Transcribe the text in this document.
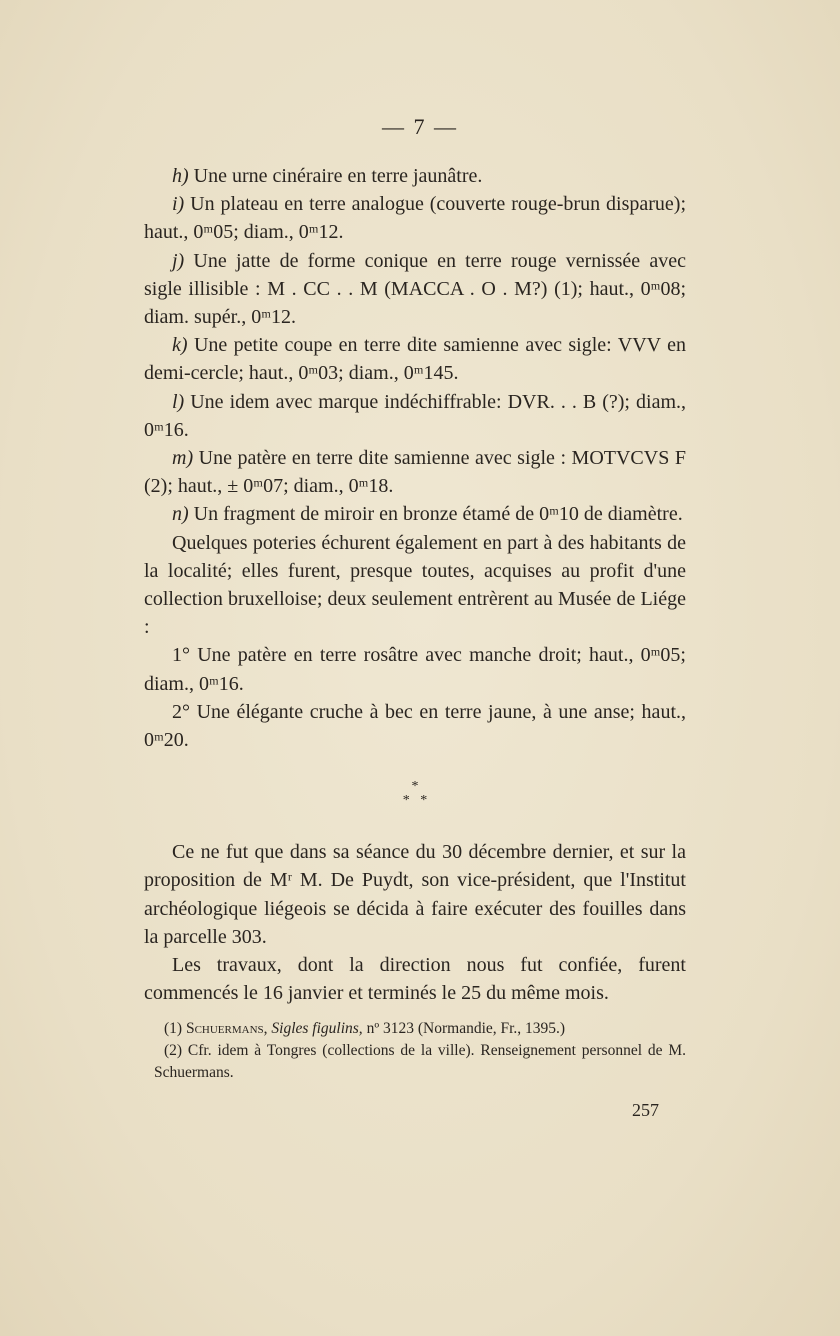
— 7 —

h) Une urne cinéraire en terre jaunâtre.

i) Un plateau en terre analogue (couverte rouge-brun disparue); haut., 0ᵐ05; diam., 0ᵐ12.

j) Une jatte de forme conique en terre rouge vernissée avec sigle illisible : M . CC . . M (MACCA . O . M?) (1); haut., 0ᵐ08; diam. supér., 0ᵐ12.

k) Une petite coupe en terre dite samienne avec sigle: VVV en demi-cercle; haut., 0ᵐ03; diam., 0ᵐ145.

l) Une idem avec marque indéchiffrable: DVR. . . B (?); diam., 0ᵐ16.

m) Une patère en terre dite samienne avec sigle : MOTVCVS F (2); haut., ± 0ᵐ07; diam., 0ᵐ18.

n) Un fragment de miroir en bronze étamé de 0ᵐ10 de diamètre.

Quelques poteries échurent également en part à des habitants de la localité; elles furent, presque toutes, acquises au profit d'une collection bruxelloise; deux seulement entrèrent au Musée de Liége :

1° Une patère en terre rosâtre avec manche droit; haut., 0ᵐ05; diam., 0ᵐ16.

2° Une élégante cruche à bec en terre jaune, à une anse; haut., 0ᵐ20.

*
*   *

Ce ne fut que dans sa séance du 30 décembre dernier, et sur la proposition de Mʳ M. De Puydt, son vice-président, que l'Institut archéologique liégeois se décida à faire exécuter des fouilles dans la parcelle 303.

Les travaux, dont la direction nous fut confiée, furent commencés le 16 janvier et terminés le 25 du même mois.

(1) Schuermans, Sigles figulins, nº 3123 (Normandie, Fr., 1395.)

(2) Cfr. idem à Tongres (collections de la ville). Renseignement personnel de M. Schuermans.

257
